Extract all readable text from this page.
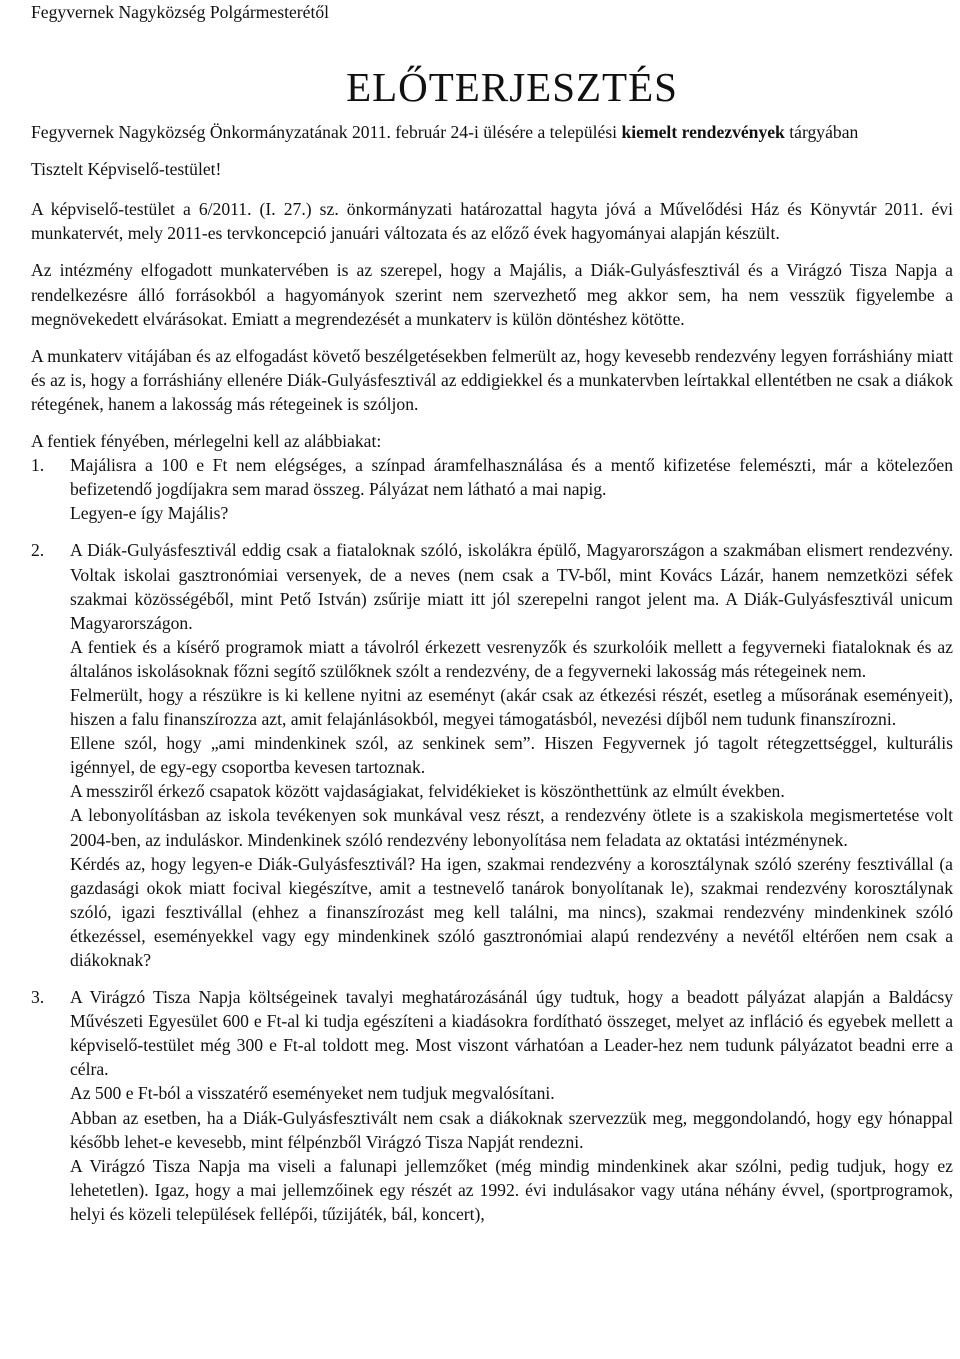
Fegyvernek Nagyközség Polgármesterétől

ELŐTERJESZTÉS

Fegyvernek Nagyközség Önkormányzatának 2011. február 24-i ülésére a települési kiemelt rendezvények tárgyában

Tisztelt Képviselő-testület!

A képviselő-testület a 6/2011. (I. 27.) sz. önkormányzati határozattal hagyta jóvá a Művelődési Ház és Könyvtár 2011. évi munkatervét, mely 2011-es tervkoncepció januári változata és az előző évek hagyományai alapján készült.

Az intézmény elfogadott munkatervében is az szerepel, hogy a Majális, a Diák-Gulyásfesztivál és a Virágzó Tisza Napja a rendelkezésre álló forrásokból a hagyományok szerint nem szervezhető meg akkor sem, ha nem vesszük figyelembe a megnövekedett elvárásokat. Emiatt a megrendezését a munkaterv is külön döntéshez kötötte.

A munkaterv vitájában és az elfogadást követő beszélgetésekben felmerült az, hogy kevesebb rendezvény legyen forráshiány miatt és az is, hogy a forráshiány ellenére Diák-Gulyásfesztivál az eddigiekkel és a munkatervben leírtakkal ellentétben ne csak a diákok rétegének, hanem a lakosság más rétegeinek is szóljon.

A fentiek fényében, mérlegelni kell az alábbiakat:

1. Majálisra a 100 e Ft nem elégséges, a színpad áramfelhasználása és a mentő kifizetése felemészti, már a kötelezően befizetendő jogdíjakra sem marad összeg. Pályázat nem látható a mai napig.

Legyen-e így Majális?

2. A Diák-Gulyásfesztivál eddig csak a fiataloknak szóló, iskolákra épülő, Magyarországon a szakmában elismert rendezvény. Voltak iskolai gasztronómiai versenyek, de a neves (nem csak a TV-ből, mint Kovács Lázár, hanem nemzetközi séfek szakmai közösségéből, mint Pető István) zsűrije miatt itt jól szerepelni rangot jelent ma. A Diák-Gulyásfesztivál unicum Magyarországon.

A fentiek és a kísérő programok miatt a távolról érkezett vesrenyzők és szurkolóik mellett a fegyverneki fiataloknak és az általános iskolásoknak főzni segítő szülőknek szólt a rendezvény, de a fegyverneki lakosság más rétegeinek nem.

Felmerült, hogy a részükre is ki kellene nyitni az eseményt (akár csak az étkezési részét, esetleg a műsorának eseményeit), hiszen a falu finanszírozza azt, amit felajánlásokból, megyei támogatásból, nevezési díjből nem tudunk finanszírozni.

Ellene szól, hogy „ami mindenkinek szól, az senkinek sem”. Hiszen Fegyvernek jó tagolt rétegzettséggel, kulturális igénnyel, de egy-egy csoportba kevesen tartoznak.

A messziről érkező csapatok között vajdaságiakat, felvidékieket is köszönthettünk az elmúlt években.

A lebonyolításban az iskola tevékenyen sok munkával vesz részt, a rendezvény ötlete is a szakiskola megismertetése volt 2004-ben, az induláskor. Mindenkinek szóló rendezvény lebonyolítása nem feladata az oktatási intézménynek.

Kérdés az, hogy legyen-e Diák-Gulyásfesztivál? Ha igen, szakmai rendezvény a korosztálynak szóló szerény fesztivállal (a gazdasági okok miatt focival kiegészítve, amit a testnevelő tanárok bonyolítanak le), szakmai rendezvény korosztálynak szóló, igazi fesztivállal (ehhez a finanszírozást meg kell találni, ma nincs), szakmai rendezvény mindenkinek szóló étkezéssel, eseményekkel vagy egy mindenkinek szóló gasztronómiai alapú rendezvény a nevétől eltérően nem csak a diákoknak?

3. A Virágzó Tisza Napja költségeinek tavalyi meghatározásánál úgy tudtuk, hogy a beadott pályázat alapján a Baldácsy Művészeti Egyesület 600 e Ft-al ki tudja egészíteni a kiadásokra fordítható összeget, melyet az infláció és egyebek mellett a képviselő-testület még 300 e Ft-al toldott meg. Most viszont várhatóan a Leader-hez nem tudunk pályázatot beadni erre a célra.

Az 500 e Ft-ból a visszatérő eseményeket nem tudjuk megvalósítani.

Abban az esetben, ha a Diák-Gulyásfesztivált nem csak a diákoknak szervezzük meg, meggondolandó, hogy egy hónappal később lehet-e kevesebb, mint félpénzből Virágzó Tisza Napját rendezni.

A Virágzó Tisza Napja ma viseli a falunapi jellemzőket (még mindig mindenkinek akar szólni, pedig tudjuk, hogy ez lehetetlen). Igaz, hogy a mai jellemzőinek egy részét az 1992. évi indulásakor vagy utána néhány évvel, (sportprogramok, helyi és közeli települések fellépői, tűzijáték, bál, koncert),
